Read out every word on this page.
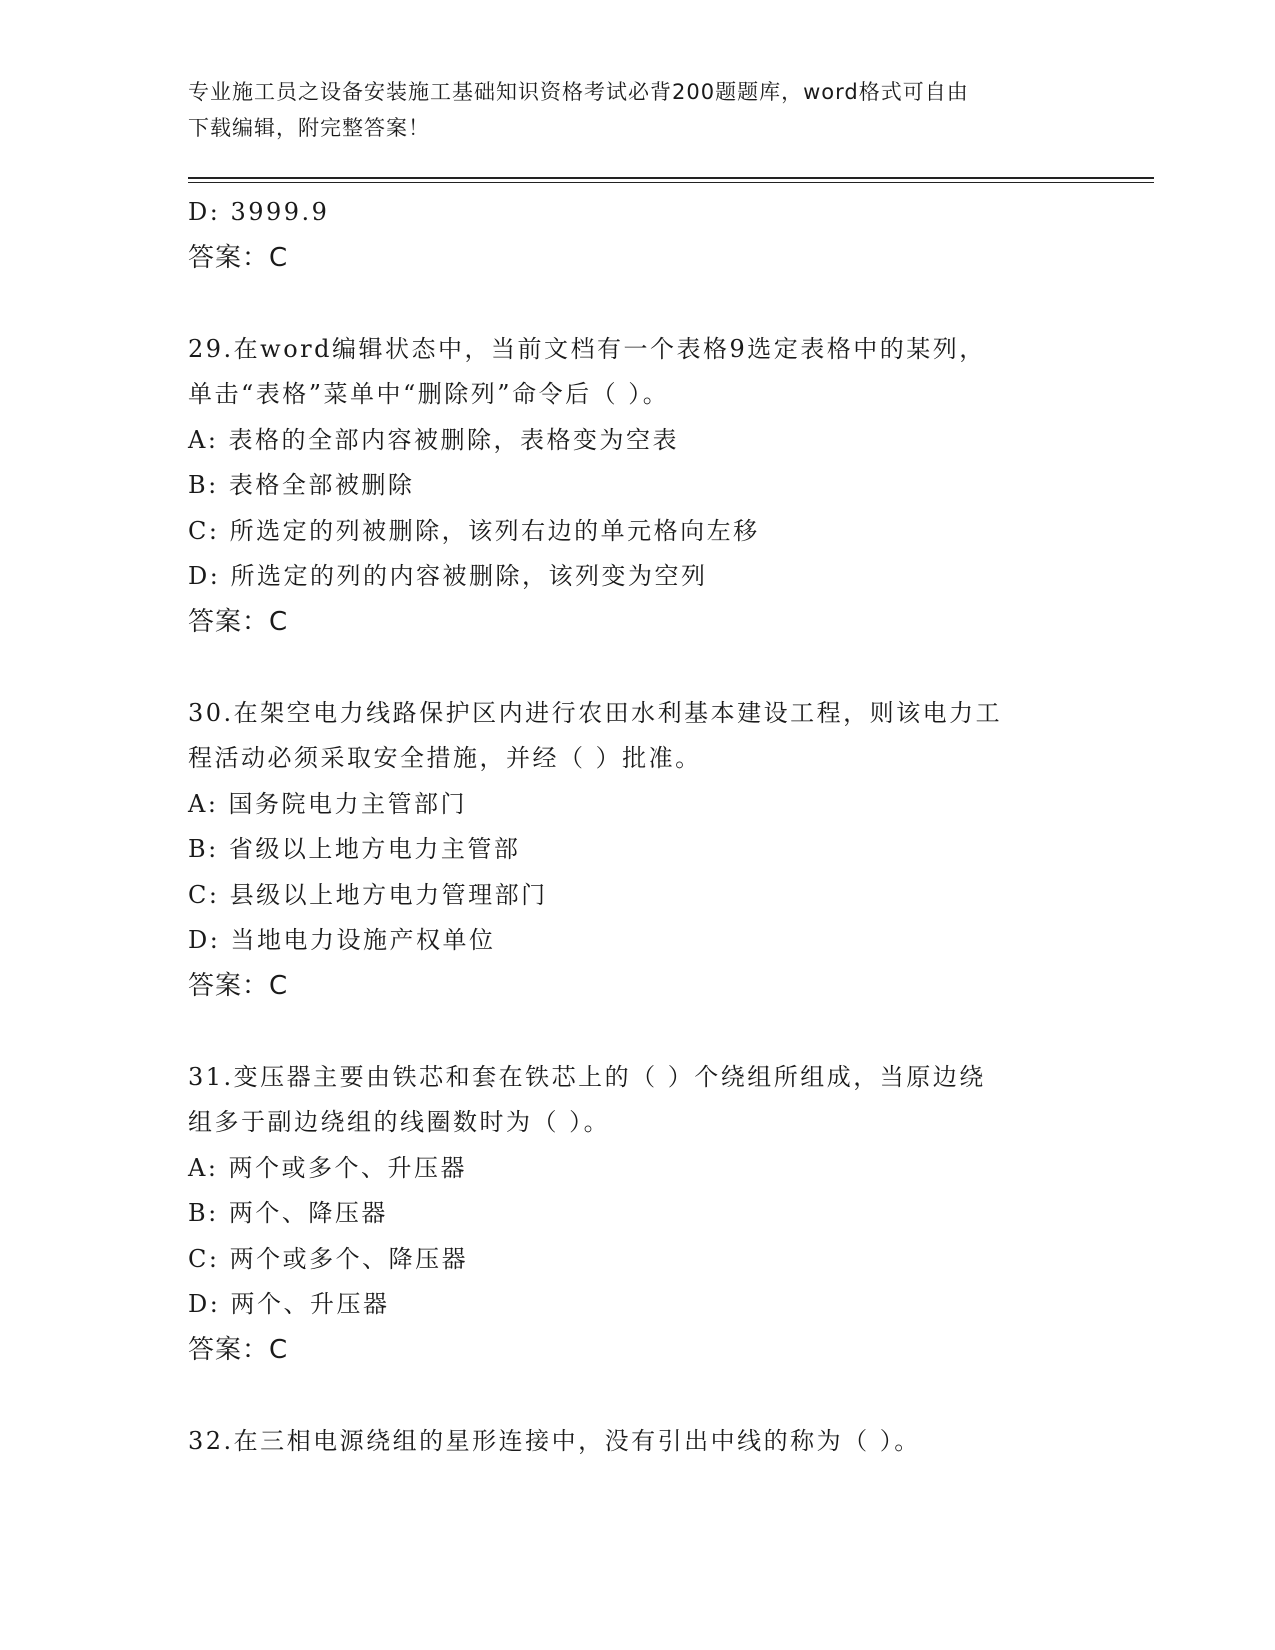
专业施工员之设备安装施工基础知识资格考试必背200题题库，word格式可自由
下载编辑，附完整答案！
D: 3999.9
答案：C
29.在word编辑状态中，当前文档有一个表格9选定表格中的某列，
单击“表格”菜单中“删除列”命令后（ ）。
A: 表格的全部内容被删除，表格变为空表
B: 表格全部被删除
C: 所选定的列被删除，该列右边的单元格向左移
D: 所选定的列的内容被删除，该列变为空列
答案：C
30.在架空电力线路保护区内进行农田水利基本建设工程，则该电力工
程活动必须采取安全措施，并经（ ）批准。
A: 国务院电力主管部门
B: 省级以上地方电力主管部
C: 县级以上地方电力管理部门
D: 当地电力设施产权单位
答案：C
31.变压器主要由铁芯和套在铁芯上的（ ）个绕组所组成，当原边绕
组多于副边绕组的线圈数时为（ ）。
A: 两个或多个、升压器
B: 两个、降压器
C: 两个或多个、降压器
D: 两个、升压器
答案：C
32.在三相电源绕组的星形连接中，没有引出中线的称为（ ）。
